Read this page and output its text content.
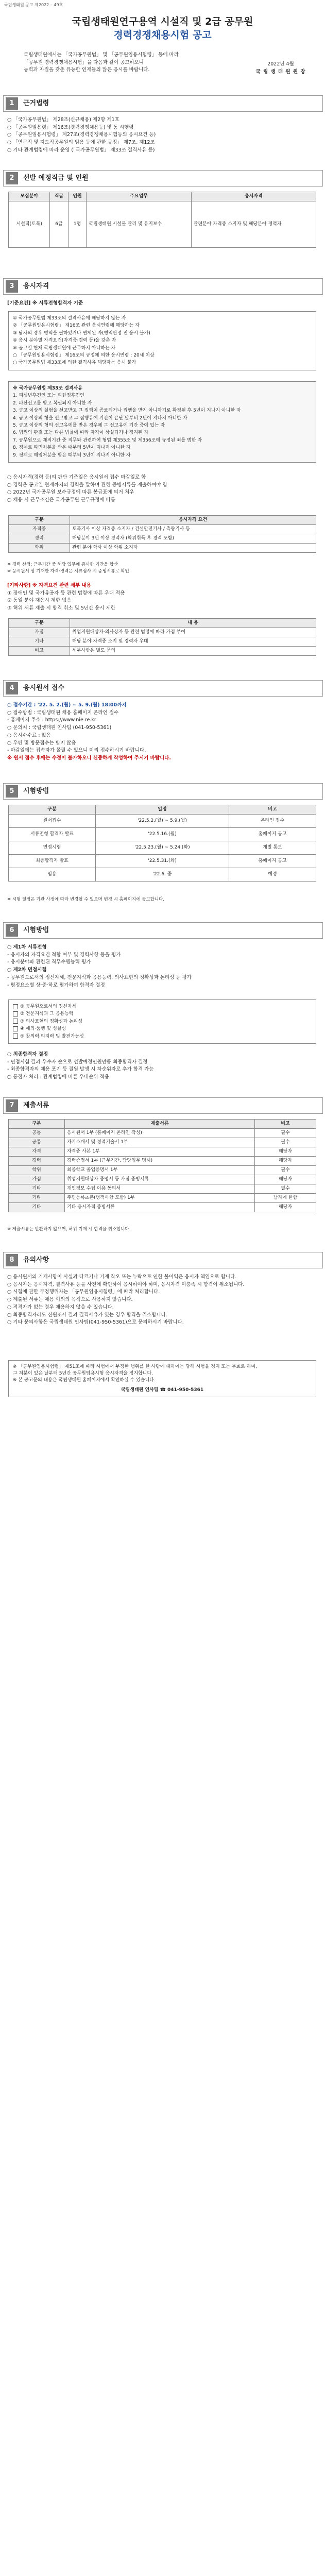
국립생태원 공고 제2022 – 49호
국립생태원연구용역 시설직 및 2급 공무원
경력경쟁채용시험 공고
국립생태원에서는 「국가공무원법」 및 「공무원임용시험령」 등에 따라
「공무원 경력경쟁채용시험」을 다음과 같이 공고하오니
능력과 자질을 갖춘 유능한 인재들의 많은 응시를 바랍니다.
2022년 4월
국 립 생 태 원 원 장
1	근거법령
○ 「국가공무원법」 제28조(신규채용) 제2항 제1호
○ 「공무원임용령」 제16조(경력경쟁채용등) 및 동 시행령
○ 「공무원임용시험령」 제27조(경력경쟁채용시험등의 응시요건 등)
○ 「연구직 및 지도직공무원의 임용 등에 관한 규정」 제7조, 제12조
○ 기타 관계법령에 따라 운영 (「국가공무원법」 제33조 결격사유 등)
2	선발 예정직급 및 인원
모집분야	직급	인원	주요업무	응시자격
시설직(토목)	6급	1명	국립생태원 시설물 관리 및 유지보수	관련분야 자격증 소지자 및 해당분야 경력자
3	응시자격
[기준요건] ※ 서류전형합격자 기준
① 국가공무원법 제33조의 결격사유에 해당하지 않는 자
② 「공무원임용시험령」 제16조 관련 응시연령에 해당하는 자
③ 남자의 경우 병역을 필하였거나 면제된 자(병역판정 전 응시 불가)
④ 응시 분야별 자격요건(자격증·경력 등)을 갖춘 자
⑤ 공고일 현재 국립생태원에 근무하지 아니하는 자
○ 「공무원임용시험령」 제16조의 규정에 의한 응시연령 : 20세 이상
○ 국가공무원법 제33조에 의한 결격사유 해당자는 응시 불가
※ 국가공무원법 제33조 결격사유
1. 피성년후견인 또는 피한정후견인
2. 파산선고를 받고 복권되지 아니한 자
3. 금고 이상의 실형을 선고받고 그 집행이 종료되거나 집행을 받지 아니하기로 확정된 후 5년이 지나지 아니한 자
4. 금고 이상의 형을 선고받고 그 집행유예 기간이 끝난 날부터 2년이 지나지 아니한 자
5. 금고 이상의 형의 선고유예를 받은 경우에 그 선고유예 기간 중에 있는 자
6. 법원의 판결 또는 다른 법률에 따라 자격이 상실되거나 정지된 자
7. 공무원으로 재직기간 중 직무와 관련하여 형법 제355조 및 제356조에 규정된 죄를 범한 자
8. 징계로 파면처분을 받은 때부터 5년이 지나지 아니한 자
9. 징계로 해임처분을 받은 때부터 3년이 지나지 아니한 자
○ 응시자격(경력 등)의 판단 기준일은 응시원서 접수 마감일로 함
○ 경력은 공고일 현재까지의 경력을 말하며 관련 증빙서류를 제출하여야 함
○ 2022년 국가공무원 보수규정에 따른 봉급표에 의거 처우
○ 채용 시 근무조건은 국가공무원 근무규정에 따름
구분	응시자격 요건
자격증	토목기사 이상 자격증 소지자 / 건설안전기사 / 측량기사 등
경력	해당분야 3년 이상 경력자 (학위취득 후 경력 포함)
학위	관련 분야 학사 이상 학위 소지자
※ 경력 산정: 근무기간 중 해당 업무에 종사한 기간을 합산
※ 응시원서 상 기재한 자격·경력은 서류심사 시 증빙서류로 확인
[기타사항] ※ 자격요건 관련 세부 내용
① 장애인 및 국가유공자 등 관련 법령에 따른 우대 적용
② 동일 분야 재응시 제한 없음
③ 허위 서류 제출 시 합격 취소 및 5년간 응시 제한
구분	내 용
가점	취업지원대상자·의사상자 등 관련 법령에 따라 가점 부여
기타	해당 분야 자격증 소지 및 경력자 우대
비고	세부사항은 별도 문의
4	응시원서 접수
○ 접수기간 : '22. 5. 2.(월) ~ 5. 9.(월) 18:00까지
○ 접수방법 : 국립생태원 채용 홈페이지 온라인 접수
- 홈페이지 주소 : https://www.nie.re.kr
○ 문의처 : 국립생태원 인사팀 (041-950-5361)
○ 응시수수료 : 없음
○ 우편 및 방문접수는 받지 않음
- 마감일에는 접속자가 몰릴 수 있으니 미리 접수하시기 바랍니다.
※ 원서 접수 후에는 수정이 불가하오니 신중하게 작성하여 주시기 바랍니다.
5	시험방법
구분	일정	비고
원서접수	'22.5.2.(월) ~ 5.9.(월)	온라인 접수
서류전형 합격자 발표	'22.5.16.(월)	홈페이지 공고
면접시험	'22.5.23.(월) ~ 5.24.(화)	개별 통보
최종합격자 발표	'22.5.31.(화)	홈페이지 공고
임용	'22.6. 중	예정
※ 시험 일정은 기관 사정에 따라 변경될 수 있으며 변경 시 홈페이지에 공고합니다.
6	시험방법
○ 제1차 서류전형
- 응시자의 자격요건 적합 여부 및 경력사항 등을 평가
- 응시분야와 관련된 직무수행능력 평가
○ 제2차 면접시험
- 공무원으로서의 정신자세, 전문지식과 응용능력, 의사표현의 정확성과 논리성 등 평가
- 평정요소별 상·중·하로 평가하여 합격자 결정
① 공무원으로서의 정신자세
② 전문지식과 그 응용능력
③ 의사표현의 정확성과 논리성
④ 예의·품행 및 성실성
⑤ 창의력·의지력 및 발전가능성
○ 최종합격자 결정
- 면접시험 결과 우수자 순으로 선발예정인원만큼 최종합격자 결정
- 최종합격자의 채용 포기 등 결원 발생 시 차순위자로 추가 합격 가능
○ 동점자 처리 : 관계법령에 따른 우대순위 적용
7	제출서류
구분	제출서류	비고
공통	응시원서 1부 (홈페이지 온라인 작성)	필수
공통	자기소개서 및 경력기술서 1부	필수
자격	자격증 사본 1부	해당자
경력	경력증명서 1부 (근무기간, 담당업무 명시)	해당자
학위	최종학교 졸업증명서 1부	필수
가점	취업지원대상자 증명서 등 가점 증빙서류	해당자
기타	개인정보 수집·이용 동의서	필수
기타	주민등록초본(병적사항 포함) 1부	남자에 한함
기타	기타 응시자격 증빙서류	해당자
※ 제출서류는 반환하지 않으며, 허위 기재 시 합격을 취소합니다.
8	유의사항
○ 응시원서의 기재사항이 사실과 다르거나 기재 착오 또는 누락으로 인한 불이익은 응시자 책임으로 합니다.
○ 응시자는 응시자격, 결격사유 등을 사전에 확인하여 응시하여야 하며, 응시자격 미충족 시 합격이 취소됩니다.
○ 시험에 관한 부정행위자는 「공무원임용시험령」에 따라 처리합니다.
○ 제출된 서류는 채용 이외의 목적으로 사용하지 않습니다.
○ 적격자가 없는 경우 채용하지 않을 수 있습니다.
○ 최종합격자라도 신원조사 결과 결격사유가 있는 경우 합격을 취소합니다.
○ 기타 문의사항은 국립생태원 인사팀(041-950-5361)으로 문의하시기 바랍니다.
※ 「공무원임용시험령」 제51조에 따라 시험에서 부정한 행위를 한 사람에 대하여는 당해 시험을 정지 또는 무효로 하며,
그 처분이 있은 날부터 5년간 공무원임용시험 응시자격을 정지합니다.
※ 본 공고문의 내용은 국립생태원 홈페이지에서 확인하실 수 있습니다.
국립생태원 인사팀 ☎ 041-950-5361
